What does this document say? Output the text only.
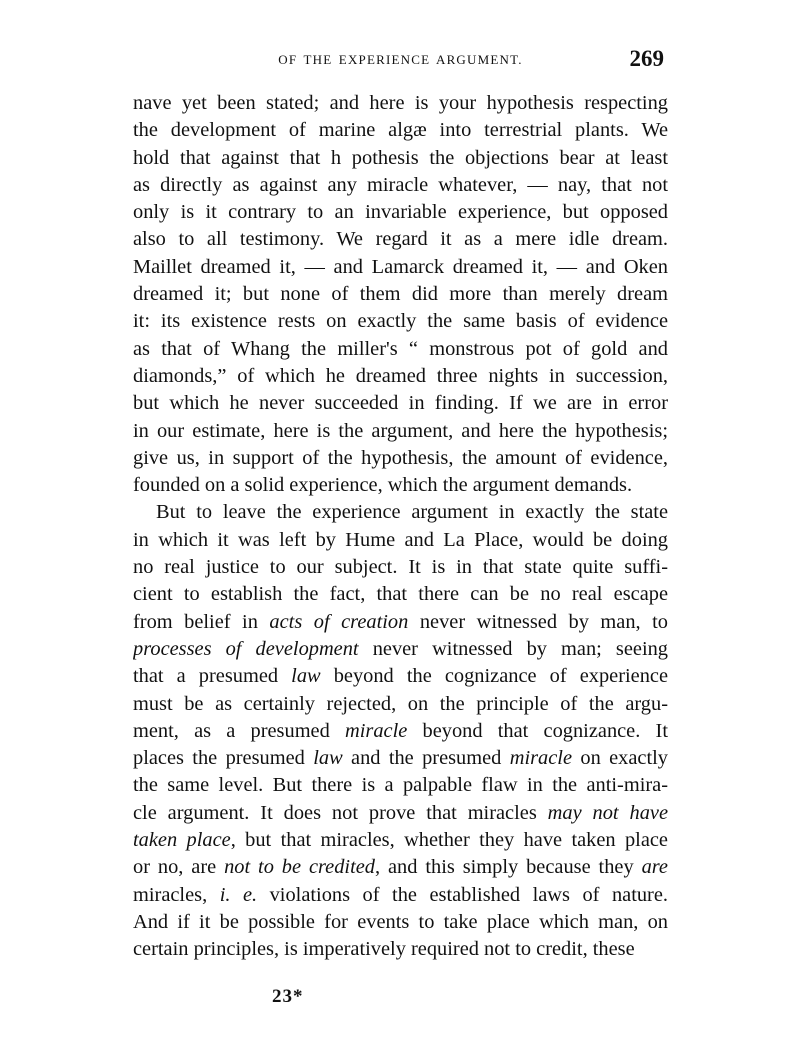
OF THE EXPERIENCE ARGUMENT.	269
nave yet been stated; and here is your hypothesis respecting
the development of marine algæ into terrestrial plants. We
hold that against that h pothesis the objections bear at least
as directly as against any miracle whatever, — nay, that not
only is it contrary to an invariable experience, but opposed
also to all testimony. We regard it as a mere idle dream.
Maillet dreamed it, — and Lamarck dreamed it, — and Oken
dreamed it; but none of them did more than merely dream
it: its existence rests on exactly the same basis of evidence
as that of Whang the miller's “ monstrous pot of gold and
diamonds,” of which he dreamed three nights in succession,
but which he never succeeded in finding. If we are in error
in our estimate, here is the argument, and here the hypothesis;
give us, in support of the hypothesis, the amount of evidence,
founded on a solid experience, which the argument demands.
But to leave the experience argument in exactly the state
in which it was left by Hume and La Place, would be doing
no real justice to our subject. It is in that state quite suffi-
cient to establish the fact, that there can be no real escape
from belief in acts of creation never witnessed by man, to
processes of development never witnessed by man; seeing
that a presumed law beyond the cognizance of experience
must be as certainly rejected, on the principle of the argu-
ment, as a presumed miracle beyond that cognizance. It
places the presumed law and the presumed miracle on exactly
the same level. But there is a palpable flaw in the anti-mira-
cle argument. It does not prove that miracles may not have
taken place, but that miracles, whether they have taken place
or no, are not to be credited, and this simply because they are
miracles, i. e. violations of the established laws of nature.
And if it be possible for events to take place which man, on
certain principles, is imperatively required not to credit, these
23*
